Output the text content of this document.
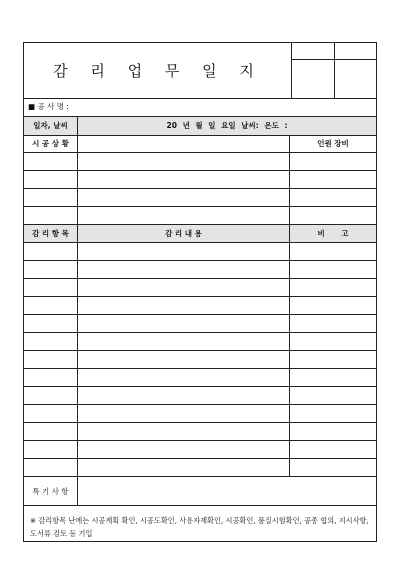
감 리 업 무 일 지
■ 공 사 명 :
일자, 날씨	20 년 월 일 요일 날씨: 온도 :
시 공 상 황	인원 장비
감 리 항 목	감 리 내 용	비 고
특 기 사 항
※ 감리항목 난에는 시공계획 확인, 시공도확인, 사용자재확인, 시공확인, 품질시험확인, 공종 협의, 지시사항, 도서류 검토 등 기입
